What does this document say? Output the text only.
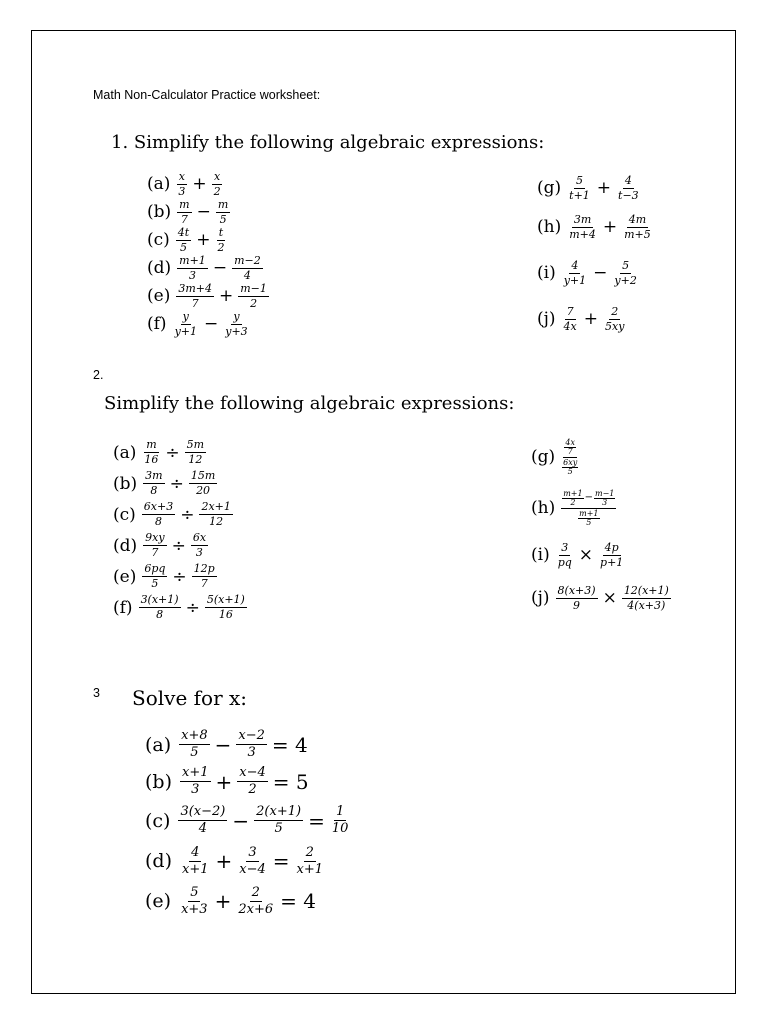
Math Non-Calculator Practice worksheet:
1. Simplify the following algebraic expressions:
$(a) \frac{x}{3} + \frac{x}{2}$
$(b) \frac{m}{7} - \frac{m}{5}$
$(c) \frac{4t}{5} + \frac{t}{2}$
$(d) \frac{m+1}{3} - \frac{m-2}{4}$
$(e) \frac{3m+4}{7} + \frac{m-1}{2}$
$(f) \frac{y}{y+1} - \frac{y}{y+3}$
$(g) \frac{5}{t+1} + \frac{4}{t-3}$
$(h) \frac{3m}{m+4} + \frac{4m}{m+5}$
$(i) \frac{4}{y+1} - \frac{5}{y+2}$
$(j) \frac{7}{4x} + \frac{2}{5xy}$
2.
Simplify the following algebraic expressions:
$(a) \frac{m}{16} \div \frac{5m}{12}$
$(b) \frac{3m}{8} \div \frac{15m}{20}$
$(c) \frac{6x+3}{8} \div \frac{2x+1}{12}$
$(d) \frac{9xy}{7} \div \frac{6x}{3}$
$(e) \frac{6pq}{5} \div \frac{12p}{7}$
$(f) \frac{3(x+1)}{8} \div \frac{5(x+1)}{16}$
$(g) \frac{4x}{7}$
$\frac{6xy}{5}$
$(h) \frac{m+1}{2} - \frac{m-1}{3}$
$\frac{m+1}{5}$
$(i) \frac{3}{pq} \times \frac{4p}{p+1}$
$(j) \frac{8(x+3)}{9} \times \frac{12(x+1)}{4(x+3)}$
3 Solve for x:
$(a) \frac{x+8}{5} - \frac{x-2}{3} = 4$
$(b) \frac{x+1}{3} + \frac{x-4}{2} = 5$
$(c) \frac{3(x-2)}{4} - \frac{2(x+1)}{5} = \frac{1}{10}$
$(d) \frac{4}{x+1} + \frac{3}{x-4} = \frac{2}{x+1}$
$(e) \frac{5}{x+3} + \frac{2}{2x+6} = 4$
